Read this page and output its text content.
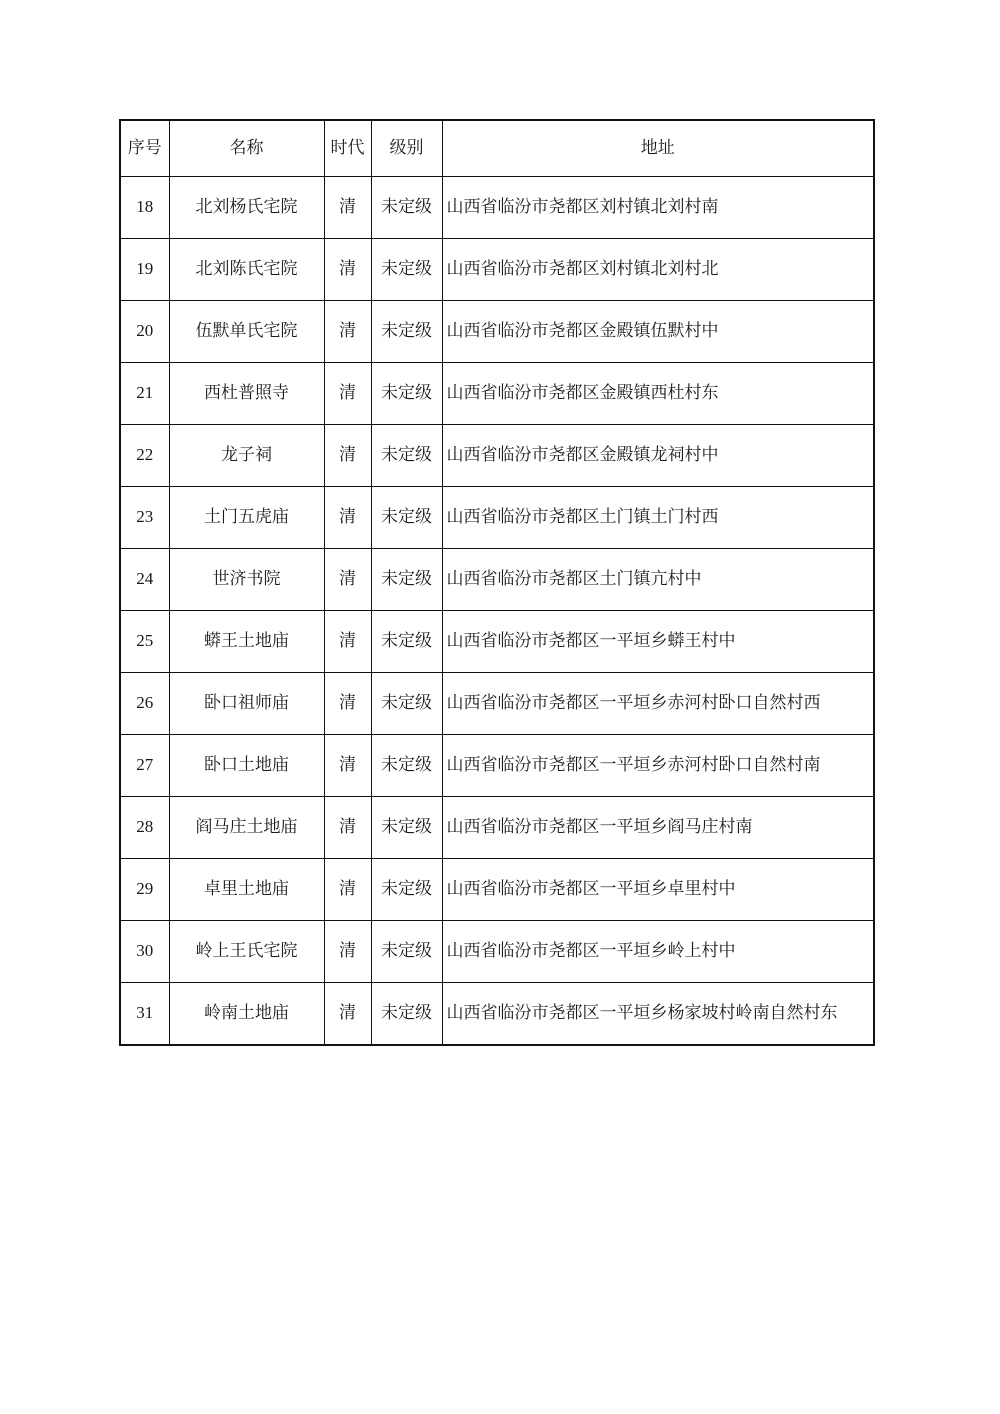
序号	名称	时代	级别	地址
18	北刘杨氏宅院	清	未定级	山西省临汾市尧都区刘村镇北刘村南
19	北刘陈氏宅院	清	未定级	山西省临汾市尧都区刘村镇北刘村北
20	伍默单氏宅院	清	未定级	山西省临汾市尧都区金殿镇伍默村中
21	西杜普照寺	清	未定级	山西省临汾市尧都区金殿镇西杜村东
22	龙子祠	清	未定级	山西省临汾市尧都区金殿镇龙祠村中
23	土门五虎庙	清	未定级	山西省临汾市尧都区土门镇土门村西
24	世济书院	清	未定级	山西省临汾市尧都区土门镇亢村中
25	蟒王土地庙	清	未定级	山西省临汾市尧都区一平垣乡蟒王村中
26	卧口祖师庙	清	未定级	山西省临汾市尧都区一平垣乡赤河村卧口自然村西
27	卧口土地庙	清	未定级	山西省临汾市尧都区一平垣乡赤河村卧口自然村南
28	阎马庄土地庙	清	未定级	山西省临汾市尧都区一平垣乡阎马庄村南
29	卓里土地庙	清	未定级	山西省临汾市尧都区一平垣乡卓里村中
30	岭上王氏宅院	清	未定级	山西省临汾市尧都区一平垣乡岭上村中
31	岭南土地庙	清	未定级	山西省临汾市尧都区一平垣乡杨家坡村岭南自然村东
